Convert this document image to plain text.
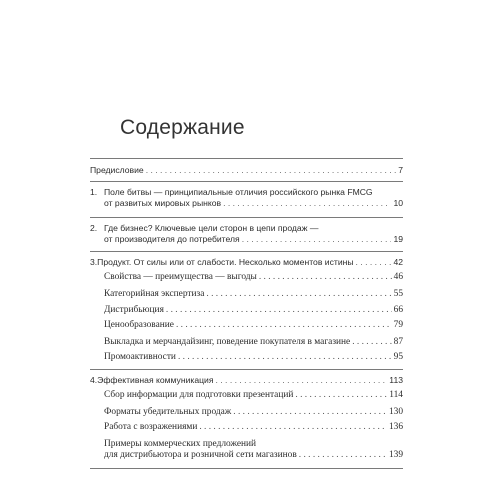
Содержание
Предисловие . . .	7
1. Поле битвы — принципиальные отличия российского рынка FMCG
от развитых мировых рынков . . .	10
2. Где бизнес? Ключевые цели сторон в цепи продаж —
от производителя до потребителя . . .	19
3. Продукт. От силы или от слабости. Несколько моментов истины . . .	42
Свойства — преимущества — выгоды . . .	46
Категорийная экспертиза . . .	55
Дистрибьюция . . .	66
Ценообразование . . .	79
Выкладка и мерчандайзинг, поведение покупателя в магазине . . .	87
Промоактивности . . .	95
4. Эффективная коммуникация . . .	113
Сбор информации для подготовки презентаций . . .	114
Форматы убедительных продаж . . .	130
Работа с возражениями . . .	136
Примеры коммерческих предложений
для дистрибьютора и розничной сети магазинов . . .	139
